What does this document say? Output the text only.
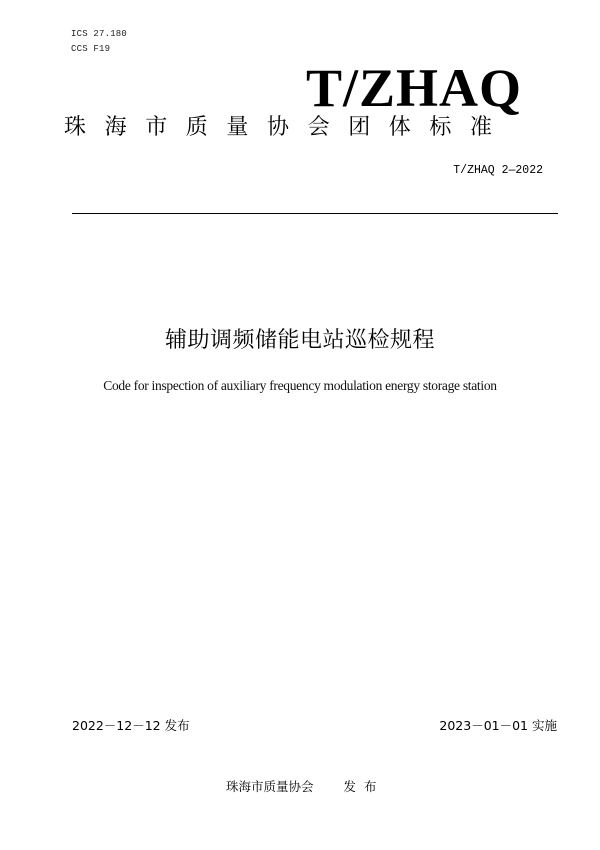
ICS 27.180
CCS F19
T/ZHAQ
珠海市质量协会团体标准
T/ZHAQ 2—2022
辅助调频储能电站巡检规程
Code for inspection of auxiliary frequency modulation energy storage station
2022－12－12 发布	2023－01－01 实施
珠海市质量协会 发布
